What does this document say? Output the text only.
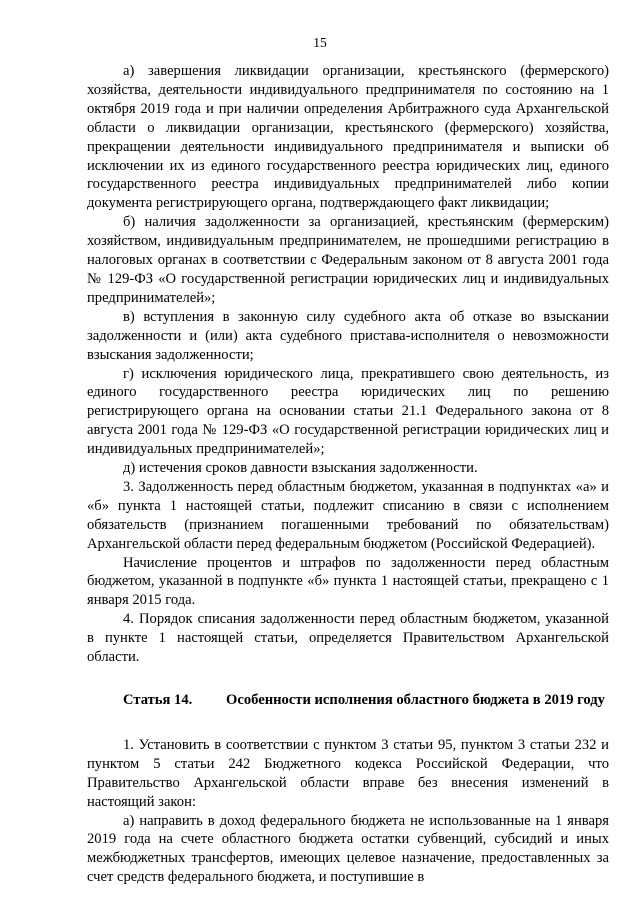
15

а) завершения ликвидации организации, крестьянского (фермерского) хозяйства, деятельности индивидуального предпринимателя по состоянию на 1 октября 2019 года и при наличии определения Арбитражного суда Архангельской области о ликвидации организации, крестьянского (фермерского) хозяйства, прекращении деятельности индивидуального предпринимателя и выписки об исключении их из единого государственного реестра юридических лиц, единого государственного реестра индивидуальных предпринимателей либо копии документа регистрирующего органа, подтверждающего факт ликвидации;

б) наличия задолженности за организацией, крестьянским (фермерским) хозяйством, индивидуальным предпринимателем, не прошедшими регистрацию в налоговых органах в соответствии с Федеральным законом от 8 августа 2001 года № 129-ФЗ «О государственной регистрации юридических лиц и индивидуальных предпринимателей»;

в) вступления в законную силу судебного акта об отказе во взыскании задолженности и (или) акта судебного пристава-исполнителя о невозможности взыскания задолженности;

г) исключения юридического лица, прекратившего свою деятельность, из единого государственного реестра юридических лиц по решению регистрирующего органа на основании статьи 21.1 Федерального закона от 8 августа 2001 года № 129-ФЗ «О государственной регистрации юридических лиц и индивидуальных предпринимателей»;

д) истечения сроков давности взыскания задолженности.

3. Задолженность перед областным бюджетом, указанная в подпунктах «а» и «б» пункта 1 настоящей статьи, подлежит списанию в связи с исполнением обязательств (признанием погашенными требований по обязательствам) Архангельской области перед федеральным бюджетом (Российской Федерацией).

Начисление процентов и штрафов по задолженности перед областным бюджетом, указанной в подпункте «б» пункта 1 настоящей статьи, прекращено с 1 января 2015 года.

4. Порядок списания задолженности перед областным бюджетом, указанной в пункте 1 настоящей статьи, определяется Правительством Архангельской области.

Статья 14.	Особенности исполнения областного бюджета в 2019 году

1. Установить в соответствии с пунктом 3 статьи 95, пунктом 3 статьи 232 и пунктом 5 статьи 242 Бюджетного кодекса Российской Федерации, что Правительство Архангельской области вправе без внесения изменений в настоящий закон:

а) направить в доход федерального бюджета не использованные на 1 января 2019 года на счете областного бюджета остатки субвенций, субсидий и иных межбюджетных трансфертов, имеющих целевое назначение, предоставленных за счет средств федерального бюджета, и поступившие в
